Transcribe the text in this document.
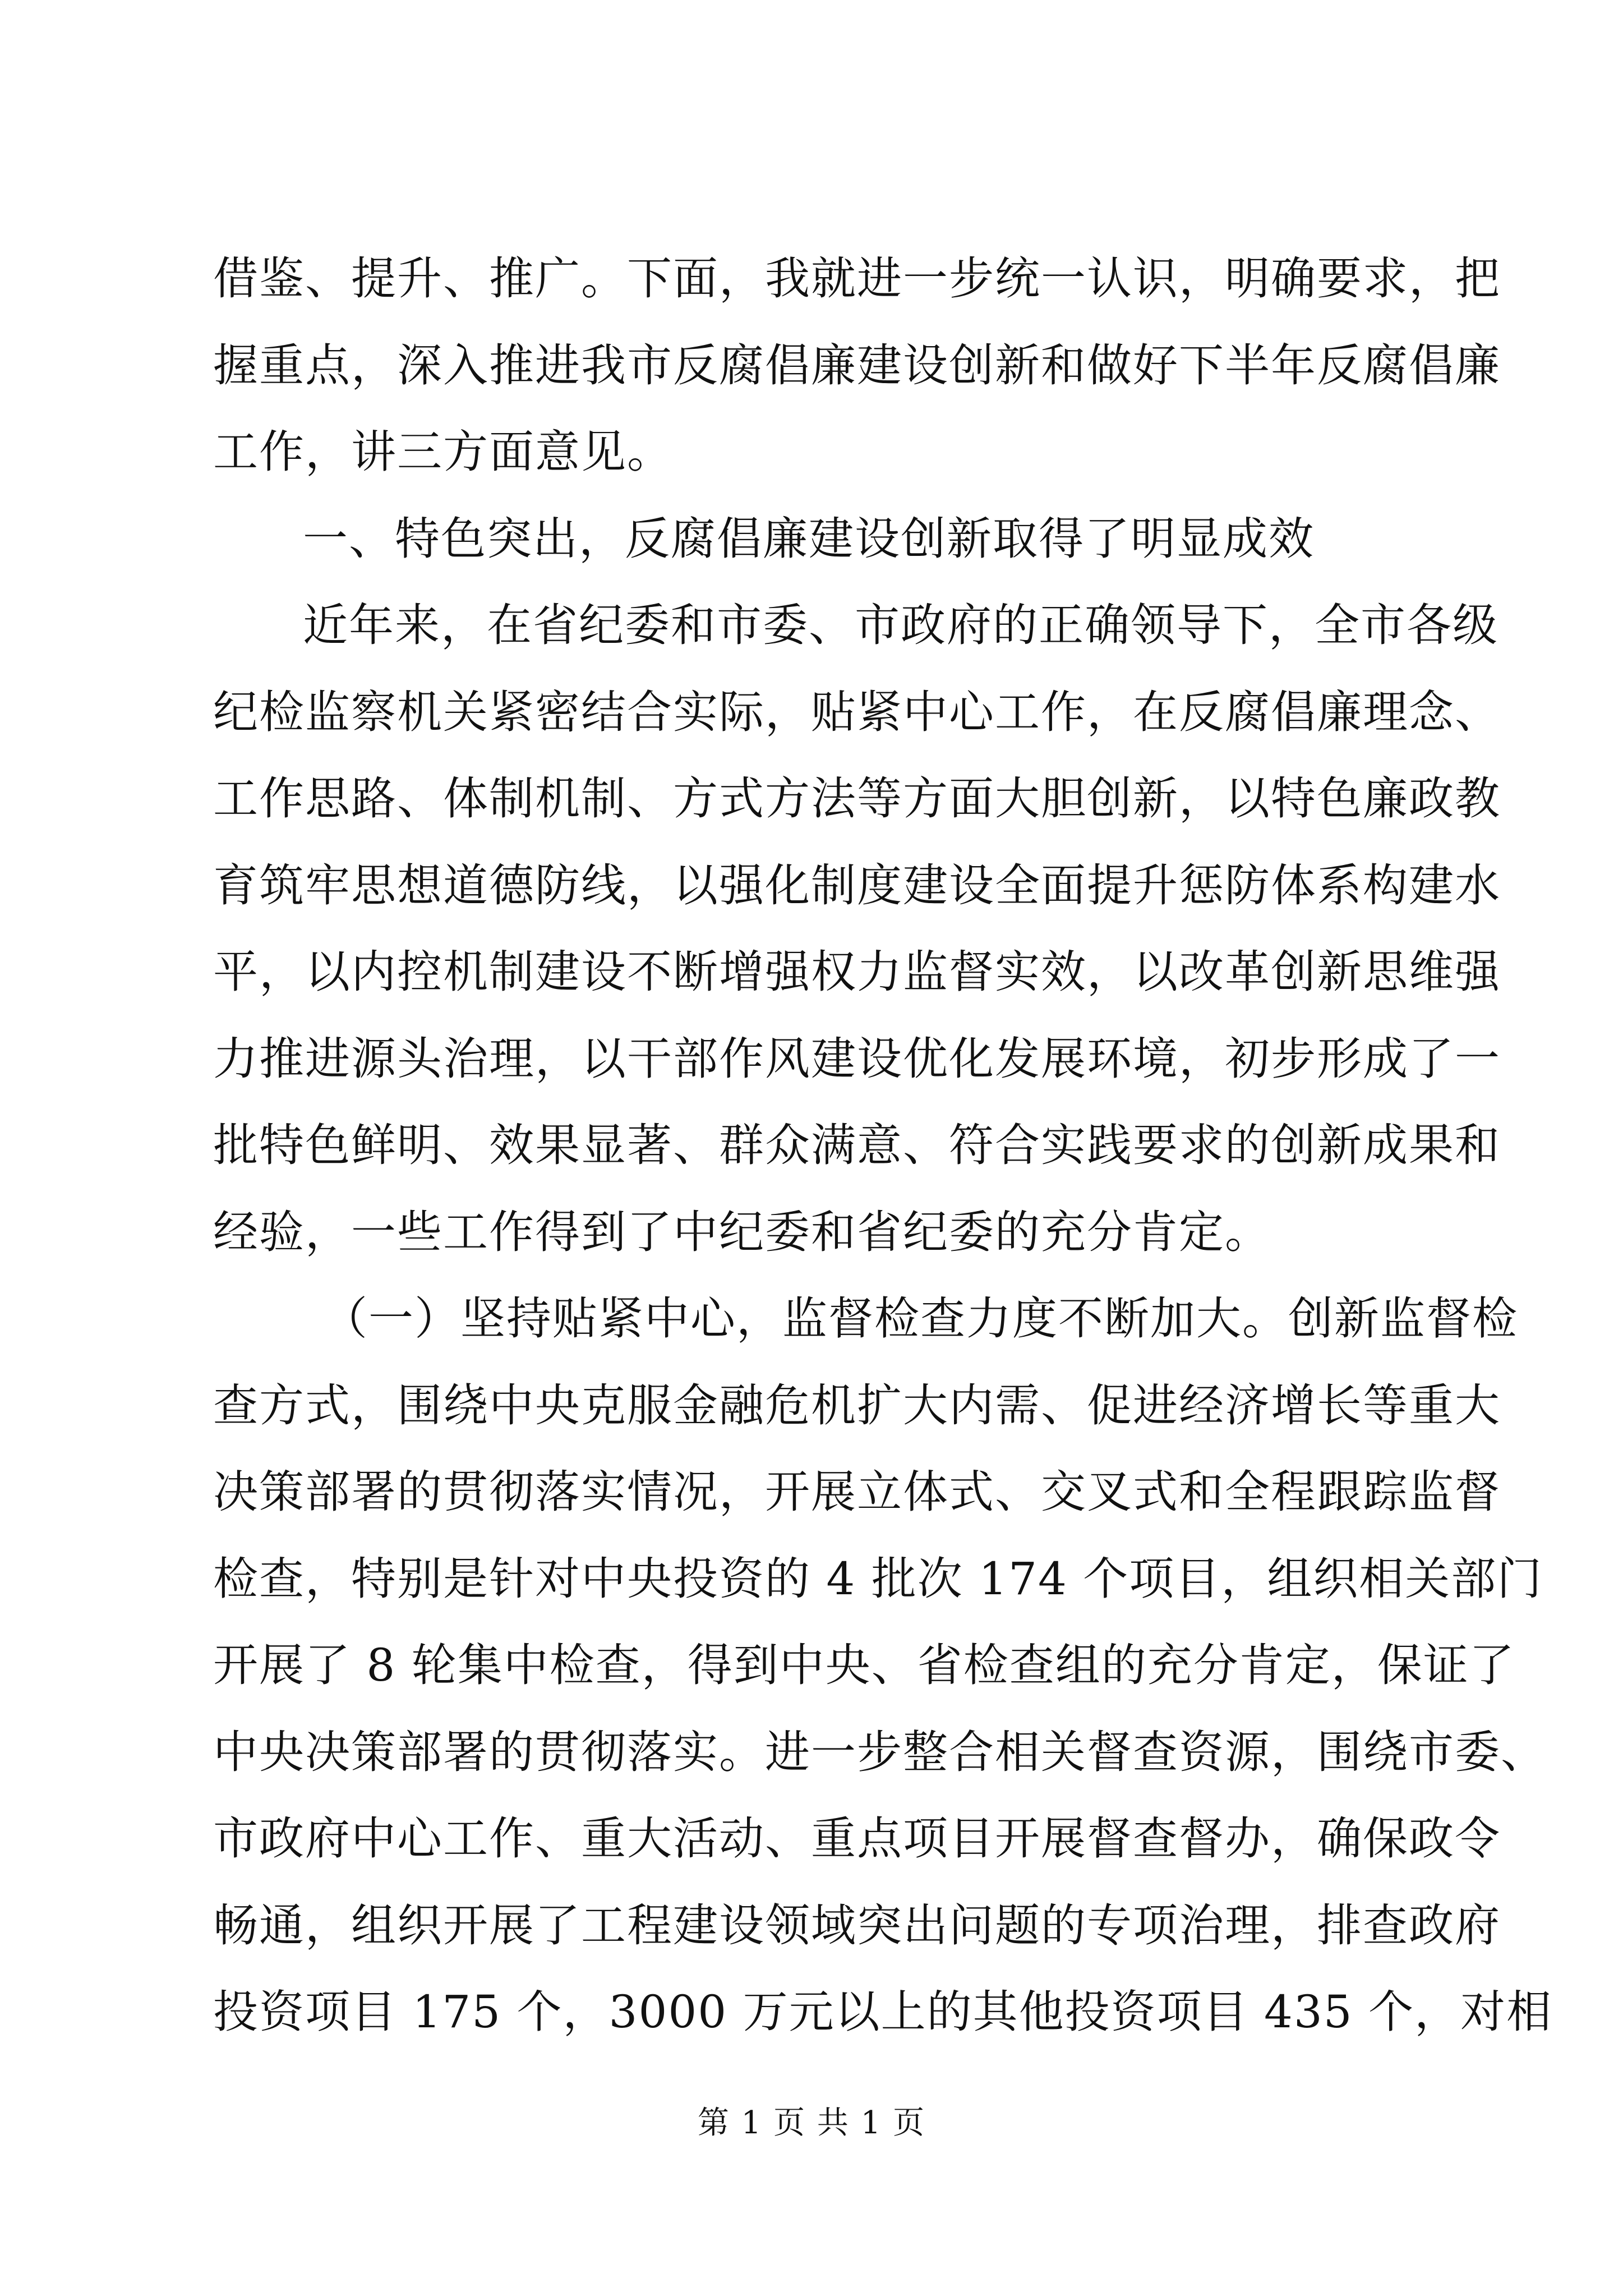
借鉴、提升、推广。下面，我就进一步统一认识，明确要求，把
握重点，深入推进我市反腐倡廉建设创新和做好下半年反腐倡廉
工作，讲三方面意见。
一、特色突出，反腐倡廉建设创新取得了明显成效
近年来，在省纪委和市委、市政府的正确领导下，全市各级
纪检监察机关紧密结合实际，贴紧中心工作，在反腐倡廉理念、
工作思路、体制机制、方式方法等方面大胆创新，以特色廉政教
育筑牢思想道德防线，以强化制度建设全面提升惩防体系构建水
平，以内控机制建设不断增强权力监督实效，以改革创新思维强
力推进源头治理，以干部作风建设优化发展环境，初步形成了一
批特色鲜明、效果显著、群众满意、符合实践要求的创新成果和
经验，一些工作得到了中纪委和省纪委的充分肯定。
（一）坚持贴紧中心，监督检查力度不断加大。创新监督检
查方式，围绕中央克服金融危机扩大内需、促进经济增长等重大
决策部署的贯彻落实情况，开展立体式、交叉式和全程跟踪监督
检查，特别是针对中央投资的 4 批次 174 个项目，组织相关部门
开展了 8 轮集中检查，得到中央、省检查组的充分肯定，保证了
中央决策部署的贯彻落实。进一步整合相关督查资源，围绕市委、
市政府中心工作、重大活动、重点项目开展督查督办，确保政令
畅通，组织开展了工程建设领域突出问题的专项治理，排查政府
投资项目 175 个，3000 万元以上的其他投资项目 435 个，对相
第 1 页 共 1 页
